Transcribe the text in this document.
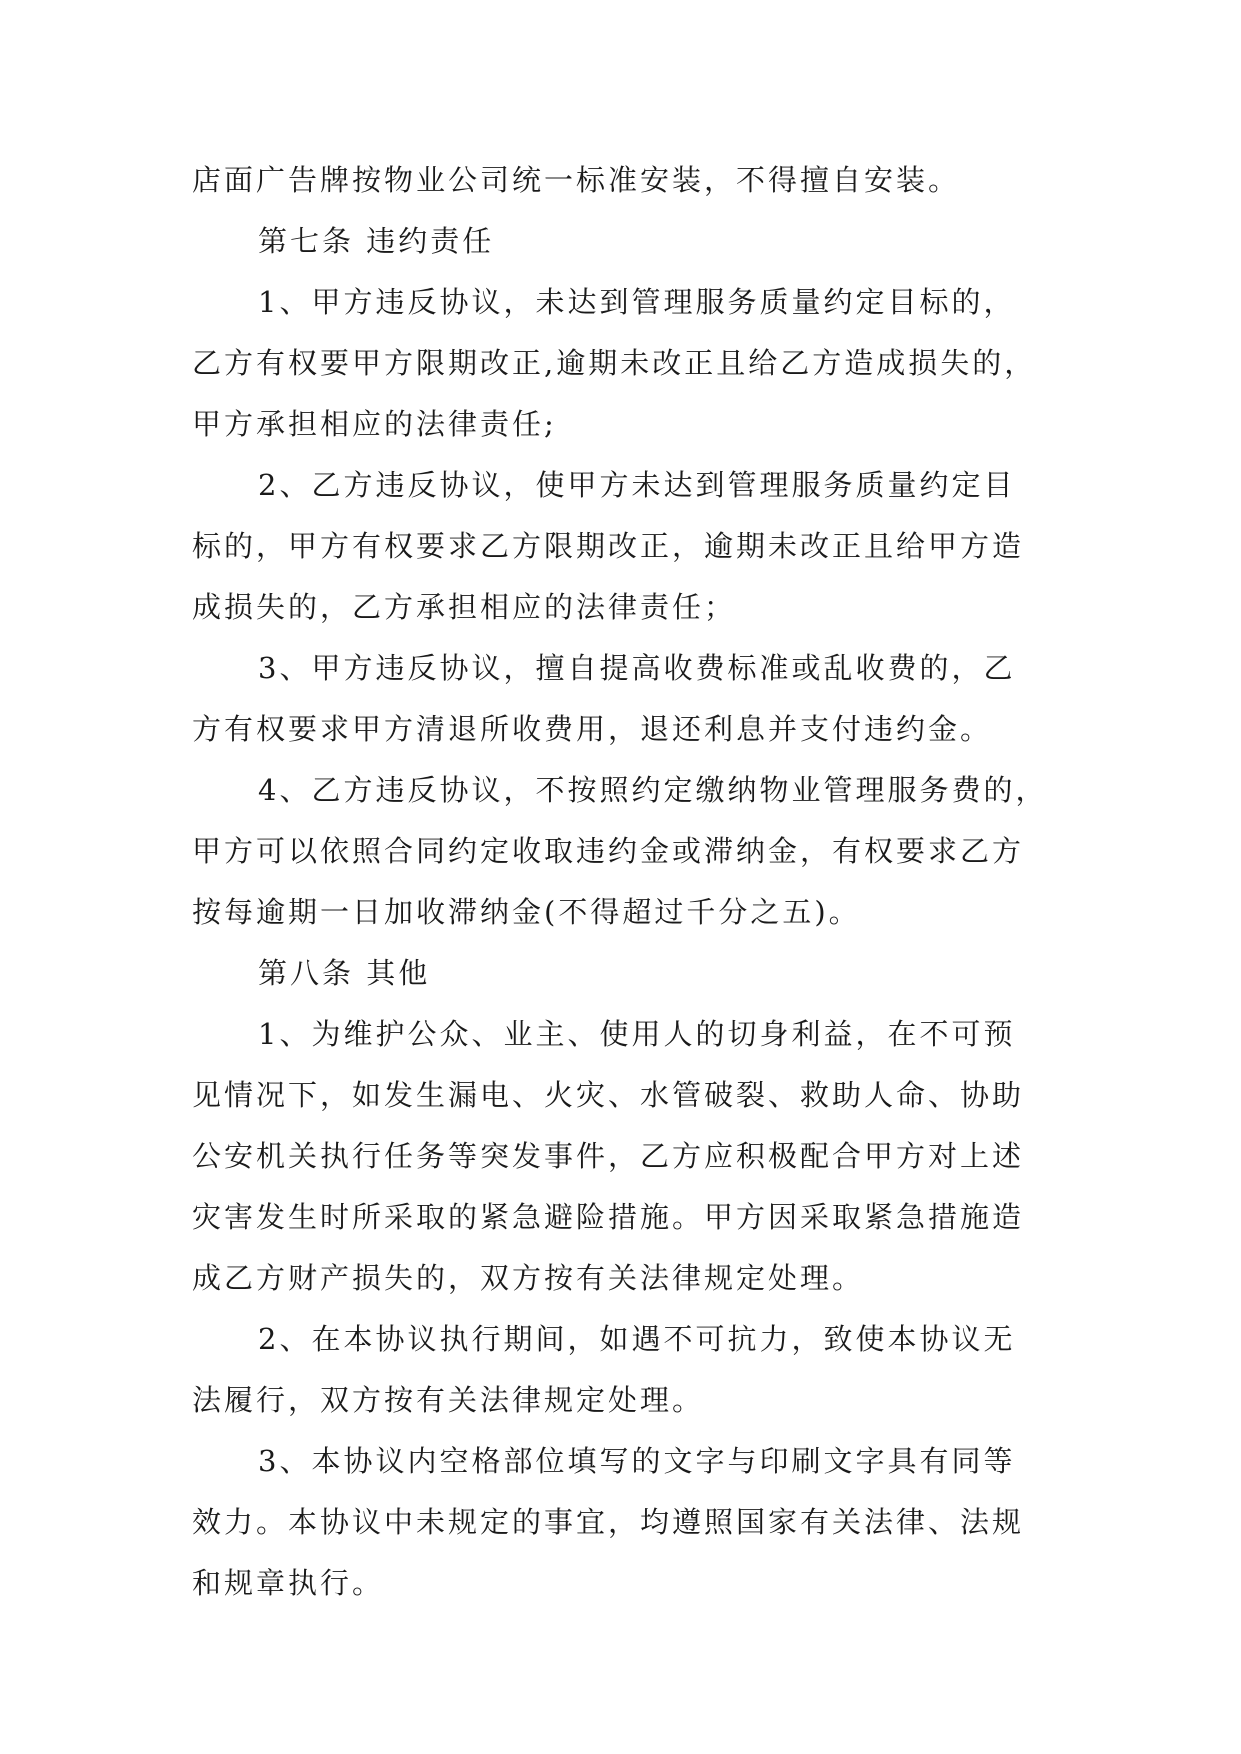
店面广告牌按物业公司统一标准安装，不得擅自安装。
第七条 违约责任
1、甲方违反协议，未达到管理服务质量约定目标的，
乙方有权要甲方限期改正,逾期未改正且给乙方造成损失的，
甲方承担相应的法律责任;
2、乙方违反协议，使甲方未达到管理服务质量约定目
标的，甲方有权要求乙方限期改正，逾期未改正且给甲方造
成损失的，乙方承担相应的法律责任；
3、甲方违反协议，擅自提高收费标准或乱收费的，乙
方有权要求甲方清退所收费用，退还利息并支付违约金。
4、乙方违反协议，不按照约定缴纳物业管理服务费的，
甲方可以依照合同约定收取违约金或滞纳金，有权要求乙方
按每逾期一日加收滞纳金(不得超过千分之五)。
第八条 其他
1、为维护公众、业主、使用人的切身利益，在不可预
见情况下，如发生漏电、火灾、水管破裂、救助人命、协助
公安机关执行任务等突发事件，乙方应积极配合甲方对上述
灾害发生时所采取的紧急避险措施。甲方因采取紧急措施造
成乙方财产损失的，双方按有关法律规定处理。
2、在本协议执行期间，如遇不可抗力，致使本协议无
法履行，双方按有关法律规定处理。
3、本协议内空格部位填写的文字与印刷文字具有同等
效力。本协议中未规定的事宜，均遵照国家有关法律、法规
和规章执行。
